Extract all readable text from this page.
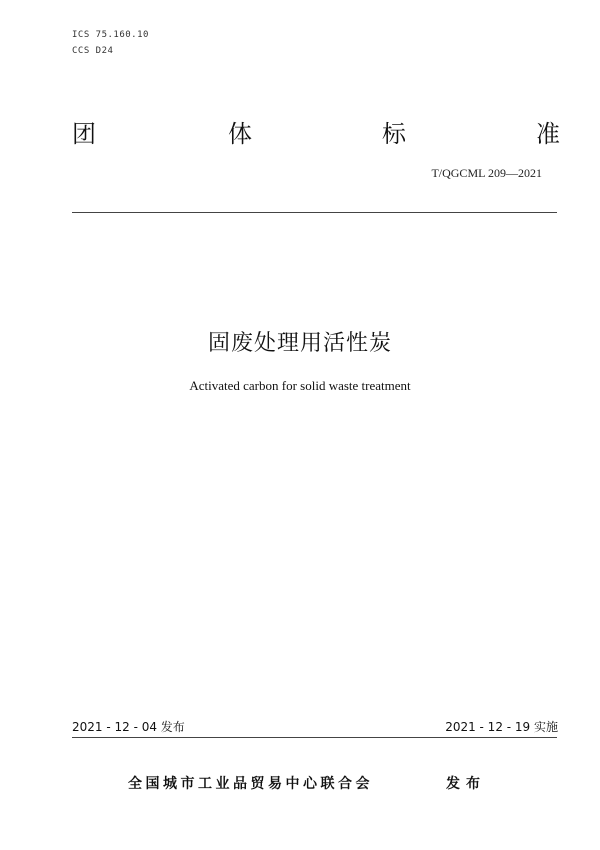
ICS 75.160.10
CCS D24
团	体	标	准
T/QGCML 209—2021
固废处理用活性炭
Activated carbon for solid waste treatment
2021 - 12 - 04 发布	2021 - 12 - 19 实施
全国城市工业品贸易中心联合会	发布
